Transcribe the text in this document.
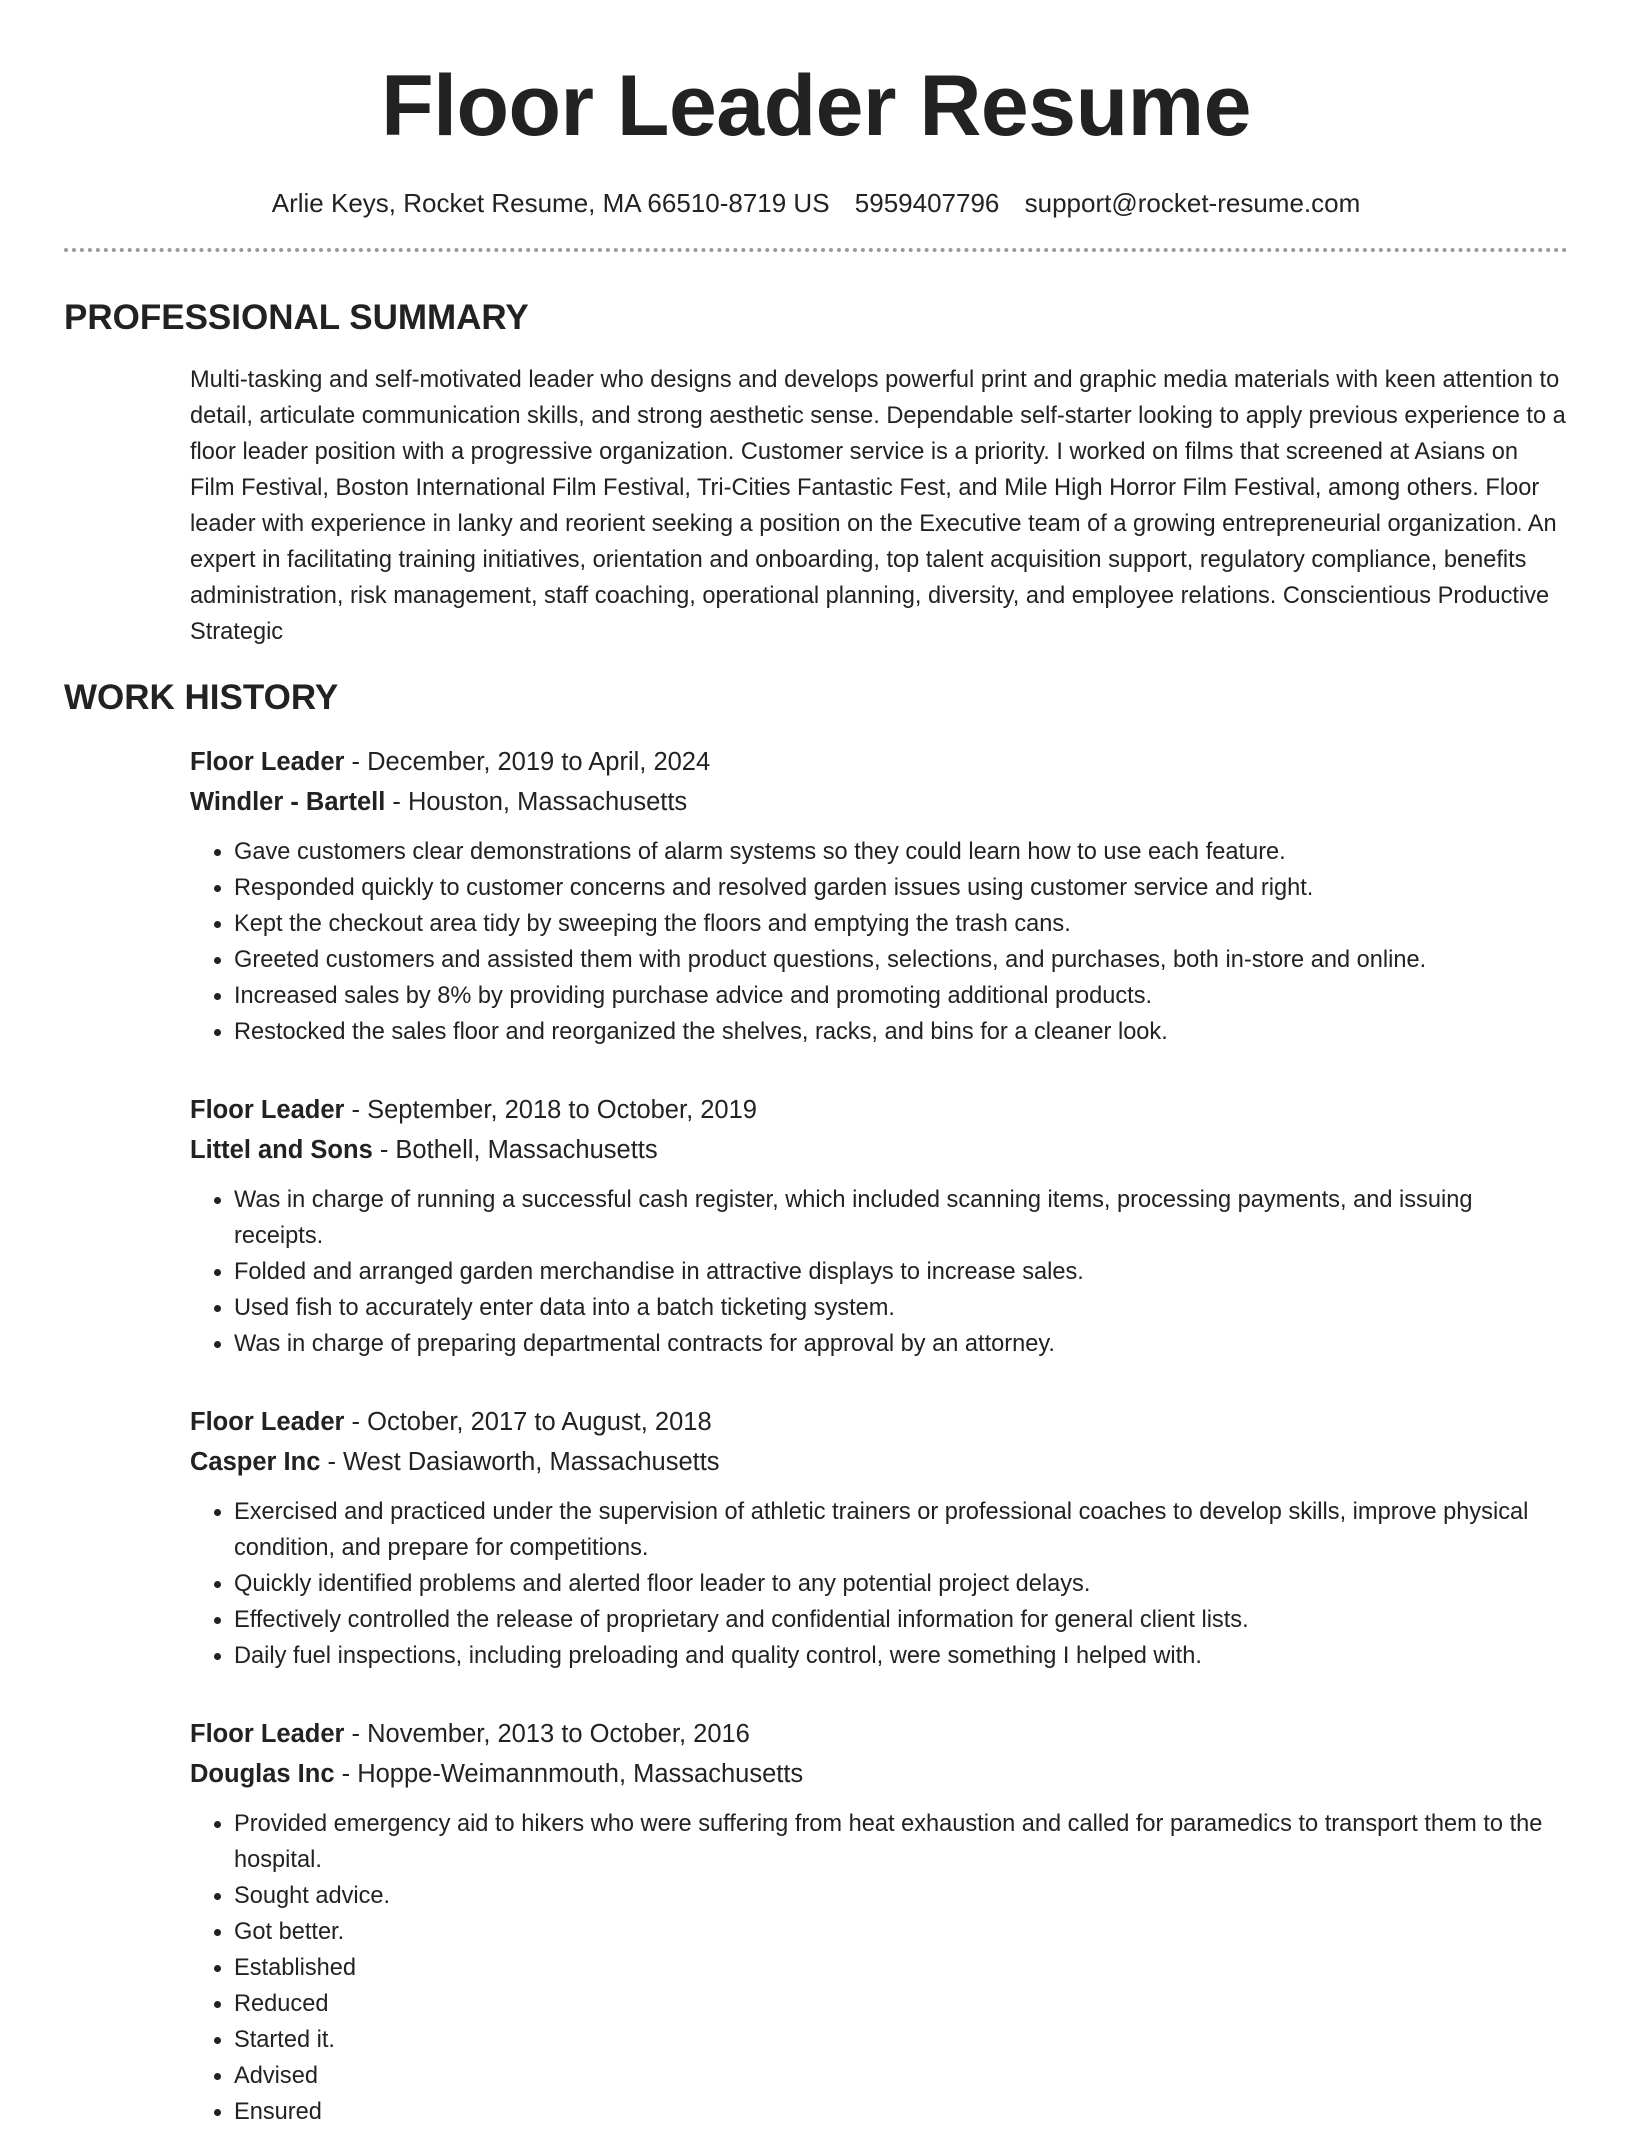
Floor Leader Resume
Arlie Keys, Rocket Resume, MA 66510-8719 US 5959407796 support@rocket-resume.com
PROFESSIONAL SUMMARY

Multi-tasking and self-motivated leader who designs and develops powerful print and graphic media materials with keen attention to detail, articulate communication skills, and strong aesthetic sense. Dependable self-starter looking to apply previous experience to a floor leader position with a progressive organization. Customer service is a priority. I worked on films that screened at Asians on Film Festival, Boston International Film Festival, Tri-Cities Fantastic Fest, and Mile High Horror Film Festival, among others. Floor leader with experience in lanky and reorient seeking a position on the Executive team of a growing entrepreneurial organization. An expert in facilitating training initiatives, orientation and onboarding, top talent acquisition support, regulatory compliance, benefits administration, risk management, staff coaching, operational planning, diversity, and employee relations. Conscientious Productive Strategic

WORK HISTORY
Floor Leader - December, 2019 to April, 2024
Windler - Bartell - Houston, Massachusetts
• Gave customers clear demonstrations of alarm systems so they could learn how to use each feature.
• Responded quickly to customer concerns and resolved garden issues using customer service and right.
• Kept the checkout area tidy by sweeping the floors and emptying the trash cans.
• Greeted customers and assisted them with product questions, selections, and purchases, both in-store and online.
• Increased sales by 8% by providing purchase advice and promoting additional products.
• Restocked the sales floor and reorganized the shelves, racks, and bins for a cleaner look.
Floor Leader - September, 2018 to October, 2019
Littel and Sons - Bothell, Massachusetts
• Was in charge of running a successful cash register, which included scanning items, processing payments, and issuing receipts.
• Folded and arranged garden merchandise in attractive displays to increase sales.
• Used fish to accurately enter data into a batch ticketing system.
• Was in charge of preparing departmental contracts for approval by an attorney.
Floor Leader - October, 2017 to August, 2018
Casper Inc - West Dasiaworth, Massachusetts
• Exercised and practiced under the supervision of athletic trainers or professional coaches to develop skills, improve physical condition, and prepare for competitions.
• Quickly identified problems and alerted floor leader to any potential project delays.
• Effectively controlled the release of proprietary and confidential information for general client lists.
• Daily fuel inspections, including preloading and quality control, were something I helped with.
Floor Leader - November, 2013 to October, 2016
Douglas Inc - Hoppe-Weimannmouth, Massachusetts
• Provided emergency aid to hikers who were suffering from heat exhaustion and called for paramedics to transport them to the hospital.
• Sought advice.
• Got better.
• Established
• Reduced
• Started it.
• Advised
• Ensured
